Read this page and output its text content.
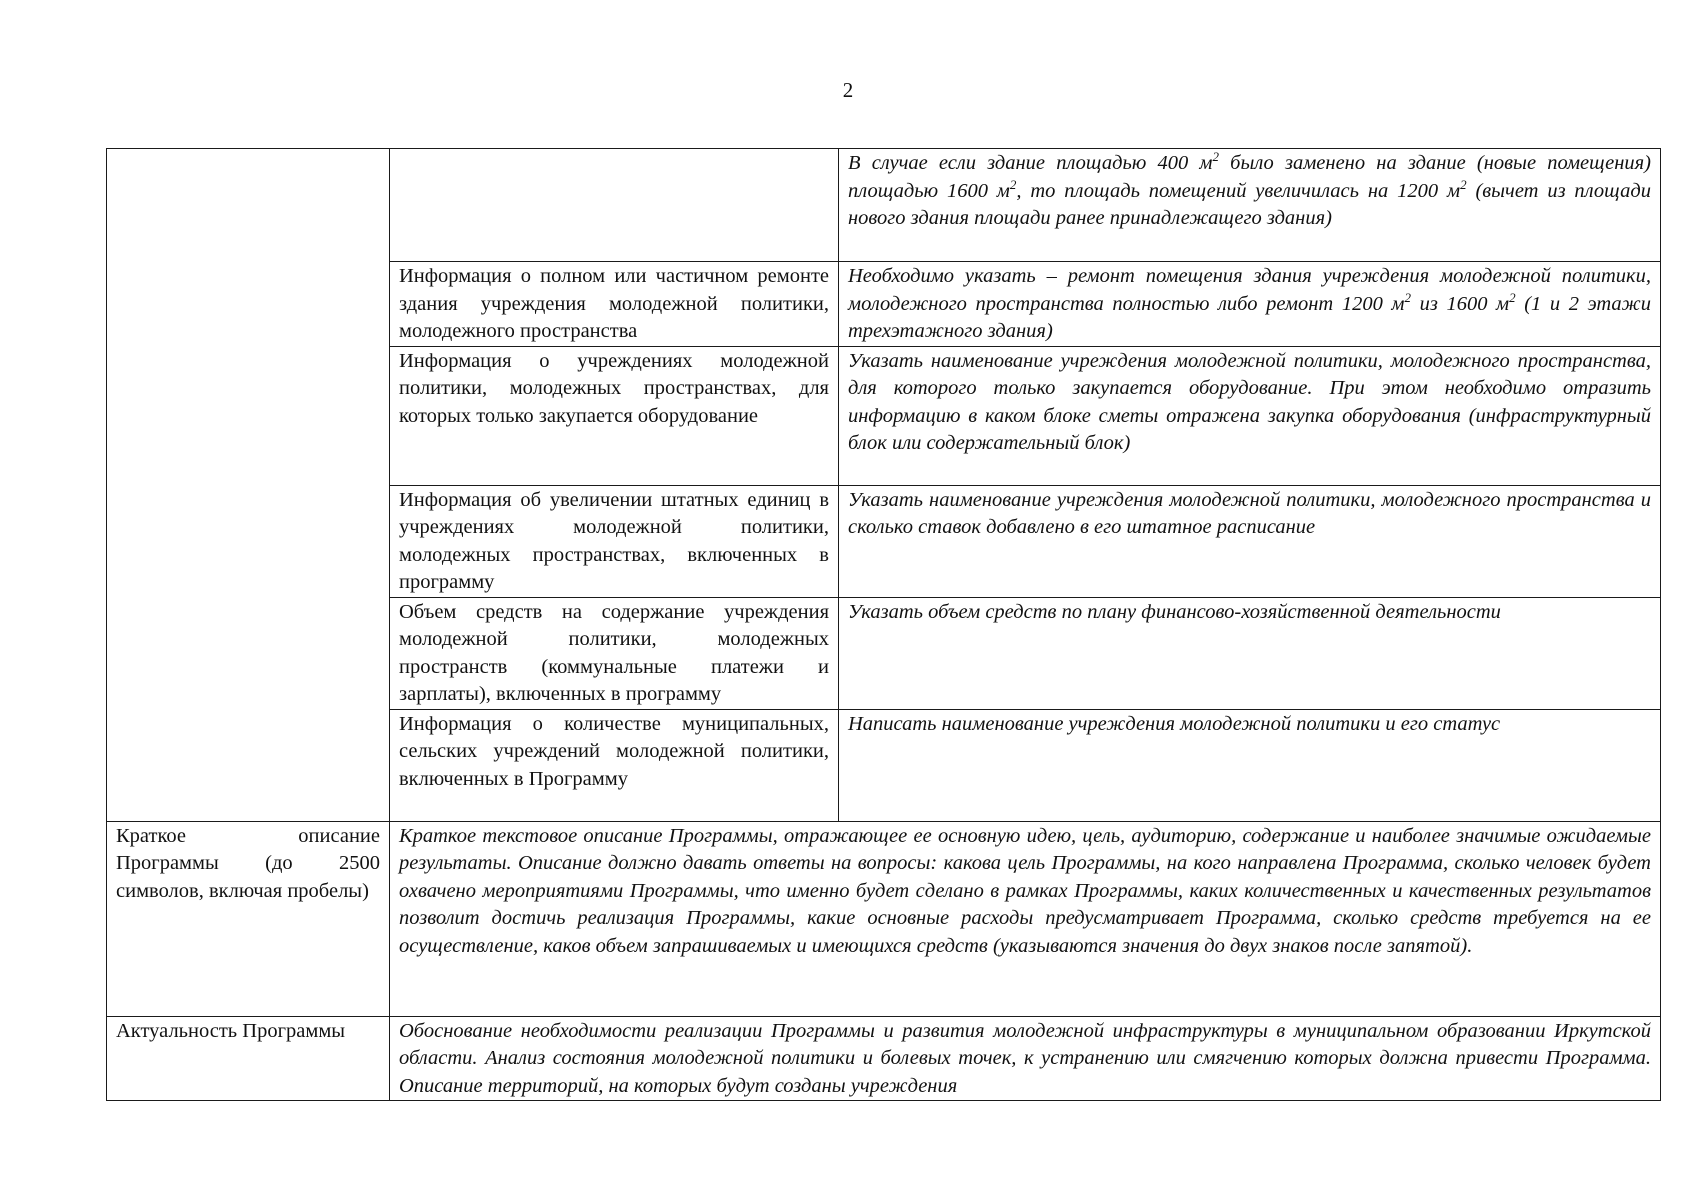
2
		В случае если здание площадью 400 $м^2$ было заменено на здание (новые помещения) площадью 1600 $м^2$, то площадь помещений увеличилась на 1200 $м^2$ (вычет из площади нового здания площади ранее принадлежащего здания)
	Информация о полном или частичном ремонте здания учреждения молодежной политики, молодежного пространства	Необходимо указать – ремонт помещения здания учреждения молодежной политики, молодежного пространства полностью либо ремонт 1200 $м^2$ из 1600 $м^2$ (1 и 2 этажи трехэтажного здания)
	Информация о учреждениях молодежной политики, молодежных пространствах, для которых только закупается оборудование	Указать наименование учреждения молодежной политики, молодежного пространства, для которого только закупается оборудование. При этом необходимо отразить информацию в каком блоке сметы отражена закупка оборудования (инфраструктурный блок или содержательный блок)
	Информация об увеличении штатных единиц в учреждениях молодежной политики, молодежных пространствах, включенных в программу	Указать наименование учреждения молодежной политики, молодежного пространства и сколько ставок добавлено в его штатное расписание
	Объем средств на содержание учреждения молодежной политики, молодежных пространств (коммунальные платежи и зарплаты), включенных в программу	Указать объем средств по плану финансово-хозяйственной деятельности
	Информация о количестве муниципальных, сельских учреждений молодежной политики, включенных в Программу	Написать наименование учреждения молодежной политики и его статус
Краткое описание Программы (до 2500 символов, включая пробелы)	Краткое текстовое описание Программы, отражающее ее основную идею, цель, аудиторию, содержание и наиболее значимые ожидаемые результаты. Описание должно давать ответы на вопросы: какова цель Программы, на кого направлена Программа, сколько человек будет охвачено мероприятиями Программы, что именно будет сделано в рамках Программы, каких количественных и качественных результатов позволит достичь реализация Программы, какие основные расходы предусматривает Программа, сколько средств требуется на ее осуществление, каков объем запрашиваемых и имеющихся средств (указываются значения до двух знаков после запятой).	
Актуальность Программы	Обоснование необходимости реализации Программы и развития молодежной инфраструктуры в муниципальном образовании Иркутской области. Анализ состояния молодежной политики и болевых точек, к устранению или смягчению которых должна привести Программа. Описание территорий, на которых будут созданы учреждения	
